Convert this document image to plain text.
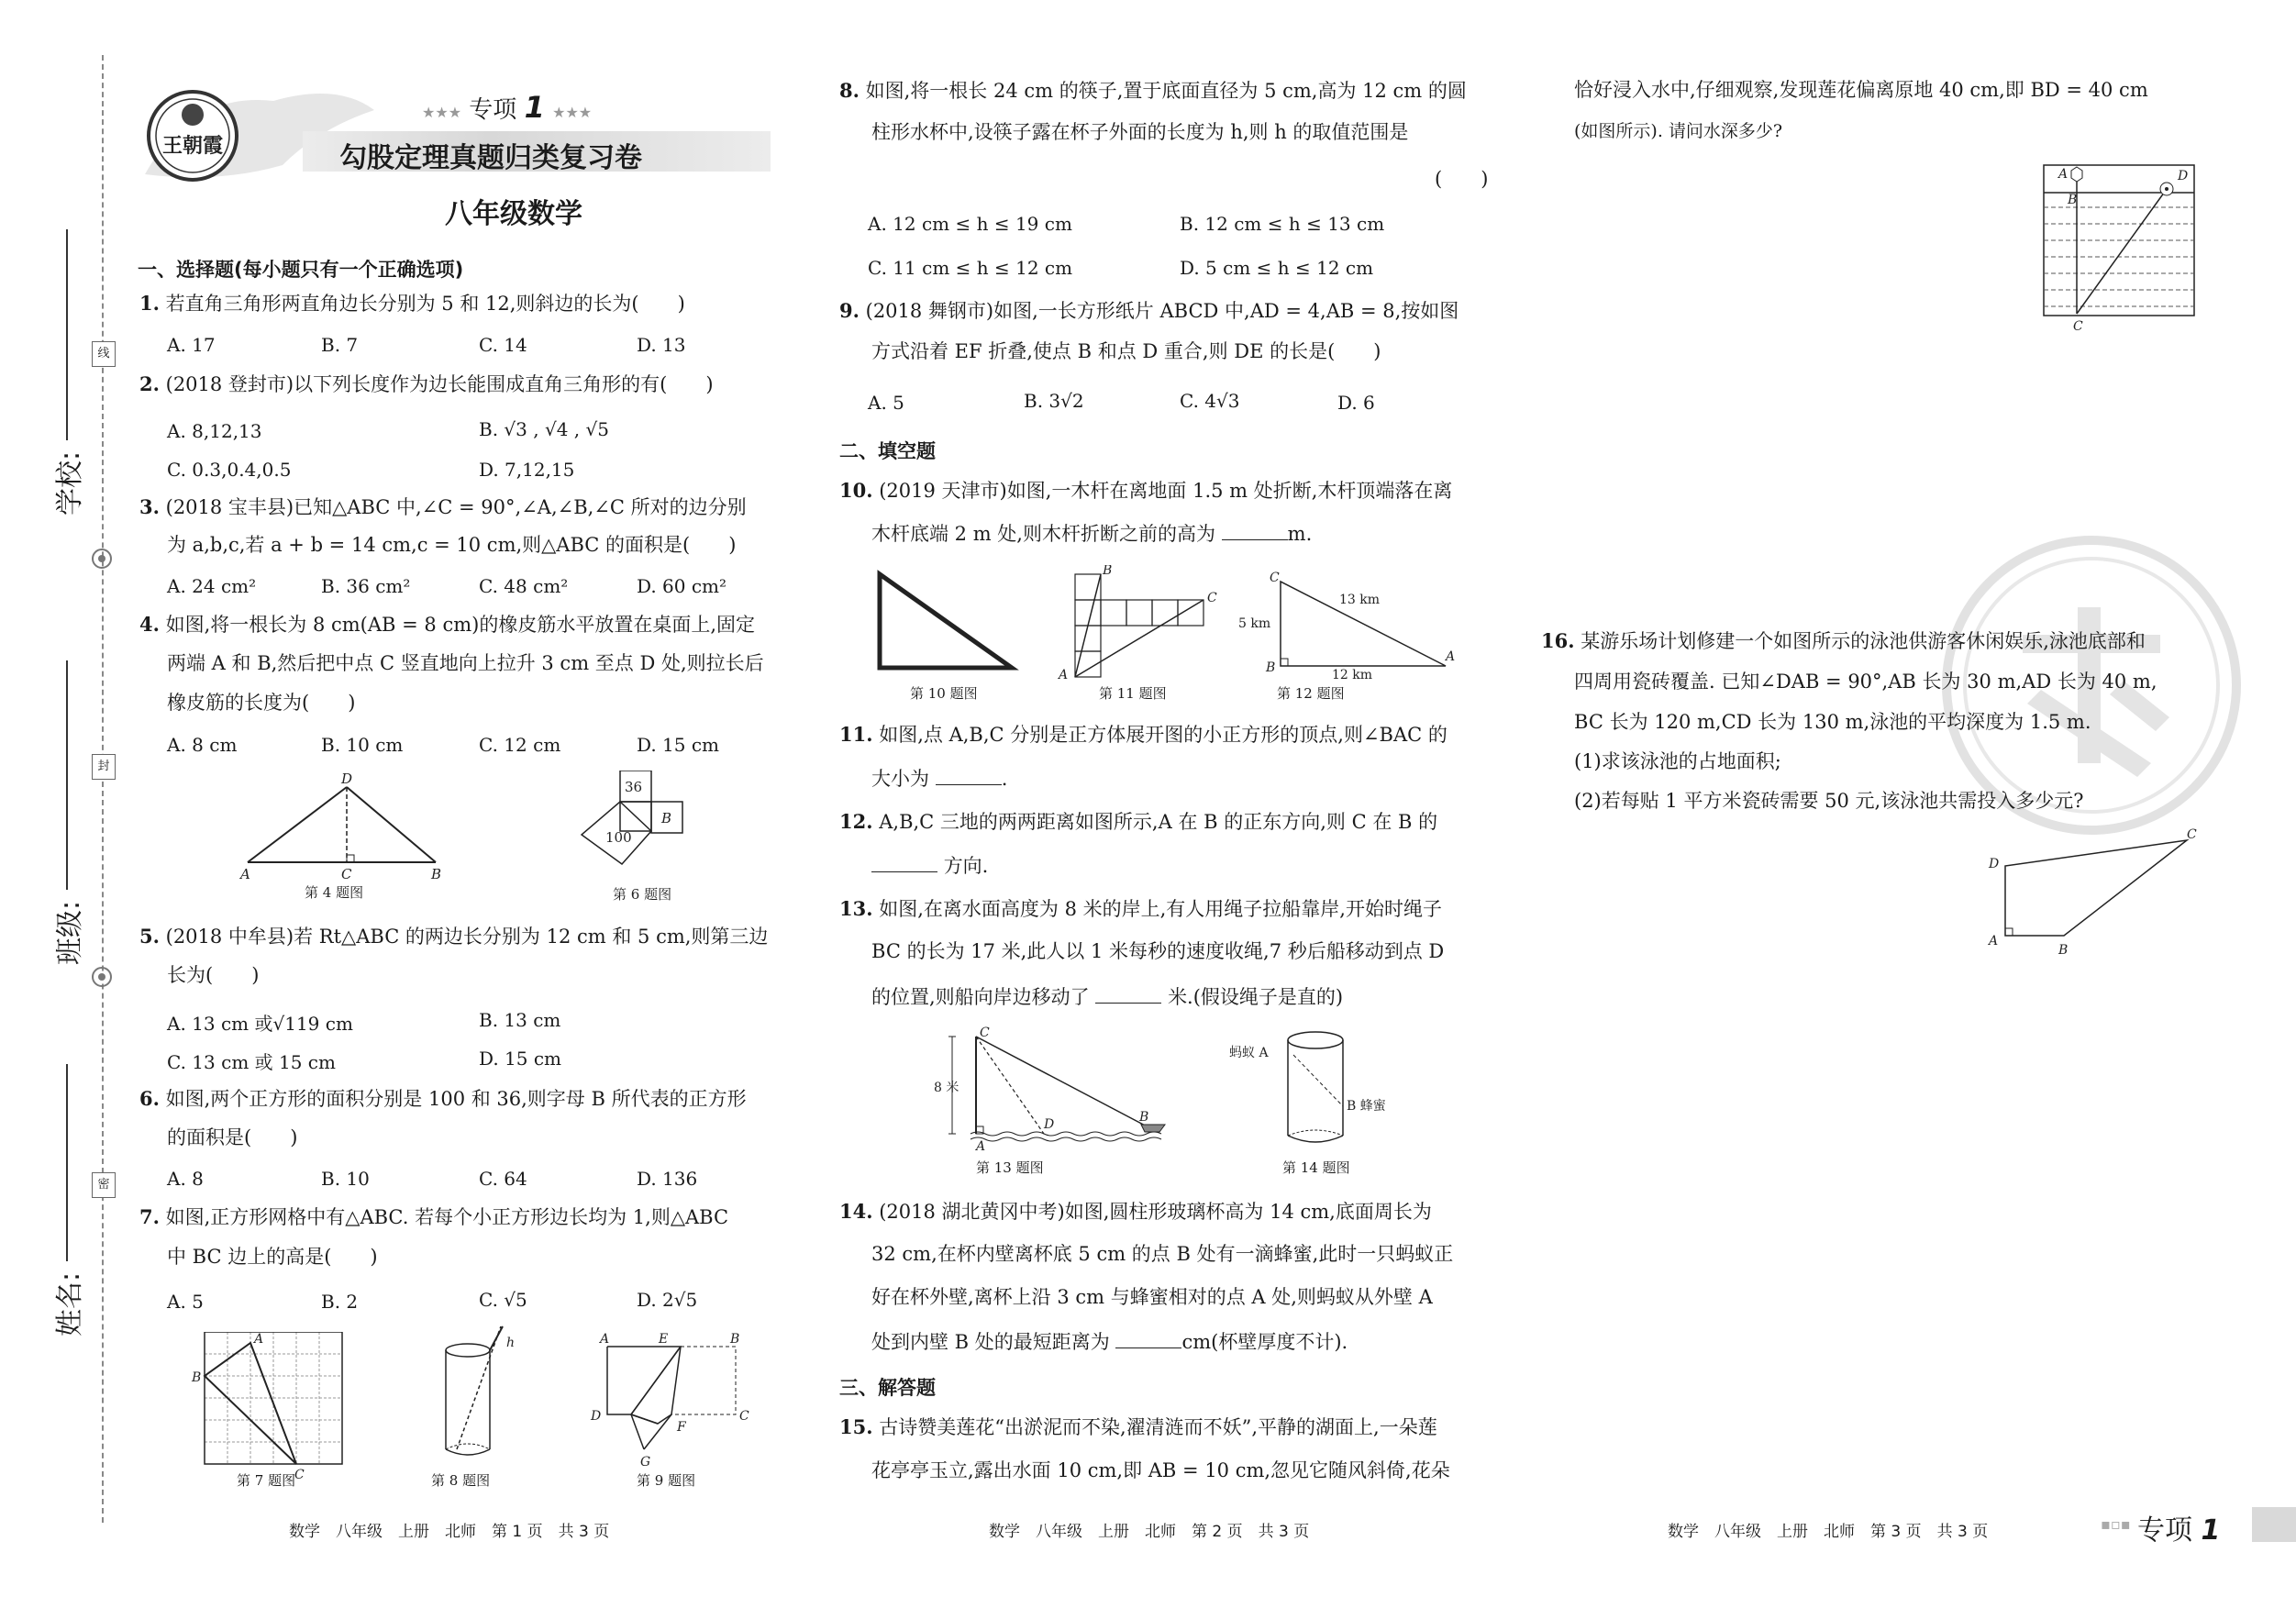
学校:
班级:
姓名:
线
封
密
王朝霞
★★★ 专项 1 ★★★
勾股定理真题归类复习卷
八年级数学
一、选择题(每小题只有一个正确选项)
1. 若直角三角形两直角边长分别为 5 和 12,则斜边的长为(　　)
A. 17	B. 7	C. 14	D. 13
2. (2018 登封市)以下列长度作为边长能围成直角三角形的有(　　)
A. 8,12,13	B. √3 , √4 , √5
C. 0.3,0.4,0.5	D. 7,12,15
3. (2018 宝丰县)已知△ABC 中,∠C = 90°,∠A,∠B,∠C 所对的边分别
为 a,b,c,若 a + b = 14 cm,c = 10 cm,则△ABC 的面积是(　　)
A. 24 cm²	B. 36 cm²	C. 48 cm²	D. 60 cm²
4. 如图,将一根长为 8 cm(AB = 8 cm)的橡皮筋水平放置在桌面上,固定
两端 A 和 B,然后把中点 C 竖直地向上拉升 3 cm 至点 D 处,则拉长后
橡皮筋的长度为(　　)
A. 8 cm	B. 10 cm	C. 12 cm	D. 15 cm
D
A	C	B
第 4 题图
36
100
B
第 6 题图
5. (2018 中牟县)若 Rt△ABC 的两边长分别为 12 cm 和 5 cm,则第三边
长为(　　)
A. 13 cm 或√119 cm	B. 13 cm
C. 13 cm 或 15 cm	D. 15 cm
6. 如图,两个正方形的面积分别是 100 和 36,则字母 B 所代表的正方形
的面积是(　　)
A. 8	B. 10	C. 64	D. 136
7. 如图,正方形网格中有△ABC. 若每个小正方形边长均为 1,则△ABC
中 BC 边上的高是(　　)
A. 5	B. 2	C. √5	D. 2√5
A
B
C
第 7 题图
h
第 8 题图
A	E	B
D	C
F
G
第 9 题图
8. 如图,将一根长 24 cm 的筷子,置于底面直径为 5 cm,高为 12 cm 的圆
柱形水杯中,设筷子露在杯子外面的长度为 h,则 h 的取值范围是
(　　)
A. 12 cm ≤ h ≤ 19 cm	B. 12 cm ≤ h ≤ 13 cm
C. 11 cm ≤ h ≤ 12 cm	D. 5 cm ≤ h ≤ 12 cm
9. (2018 舞钢市)如图,一长方形纸片 ABCD 中,AD = 4,AB = 8,按如图
方式沿着 EF 折叠,使点 B 和点 D 重合,则 DE 的长是(　　)
A. 5	B. 3√2	C. 4√3	D. 6
二、填空题
10. (2019 天津市)如图,一木杆在离地面 1.5 m 处折断,木杆顶端落在离
木杆底端 2 m 处,则木杆折断之前的高为	m.
第 10 题图
B
C
A
第 11 题图
C
B
A
13 km
5 km
12 km
第 12 题图
11. 如图,点 A,B,C 分别是正方体展开图的小正方形的顶点,则∠BAC 的
大小为	.
12. A,B,C 三地的两两距离如图所示,A 在 B 的正东方向,则 C 在 B 的
方向.
13. 如图,在离水面高度为 8 米的岸上,有人用绳子拉船靠岸,开始时绳子
BC 的长为 17 米,此人以 1 米每秒的速度收绳,7 秒后船移动到点 D
的位置,则船向岸边移动了	米.(假设绳子是直的)
C
A
D	B
8 米
第 13 题图
蚂蚁 A
B 蜂蜜
第 14 题图
14. (2018 湖北黄冈中考)如图,圆柱形玻璃杯高为 14 cm,底面周长为
32 cm,在杯内壁离杯底 5 cm 的点 B 处有一滴蜂蜜,此时一只蚂蚁正
好在杯外壁,离杯上沿 3 cm 与蜂蜜相对的点 A 处,则蚂蚁从外壁 A
处到内壁 B 处的最短距离为	cm(杯壁厚度不计).
三、解答题
15. 古诗赞美莲花“出淤泥而不染,濯清涟而不妖”,平静的湖面上,一朵莲
花亭亭玉立,露出水面 10 cm,即 AB = 10 cm,忽见它随风斜倚,花朵
恰好浸入水中,仔细观察,发现莲花偏离原地 40 cm,即 BD = 40 cm
(如图所示). 请问水深多少?
A
B
D
C
16. 某游乐场计划修建一个如图所示的泳池供游客休闲娱乐,泳池底部和
四周用瓷砖覆盖. 已知∠DAB = 90°,AB 长为 30 m,AD 长为 40 m,
BC 长为 120 m,CD 长为 130 m,泳池的平均深度为 1.5 m.
(1)求该泳池的占地面积;
(2)若每贴 1 平方米瓷砖需要 50 元,该泳池共需投入多少元?
D
A
B
C
数学　八年级　上册　北师　第 1 页　共 3 页	数学　八年级　上册　北师　第 2 页　共 3 页	数学　八年级　上册　北师　第 3 页　共 3 页	▪▫▪ 专项 1
